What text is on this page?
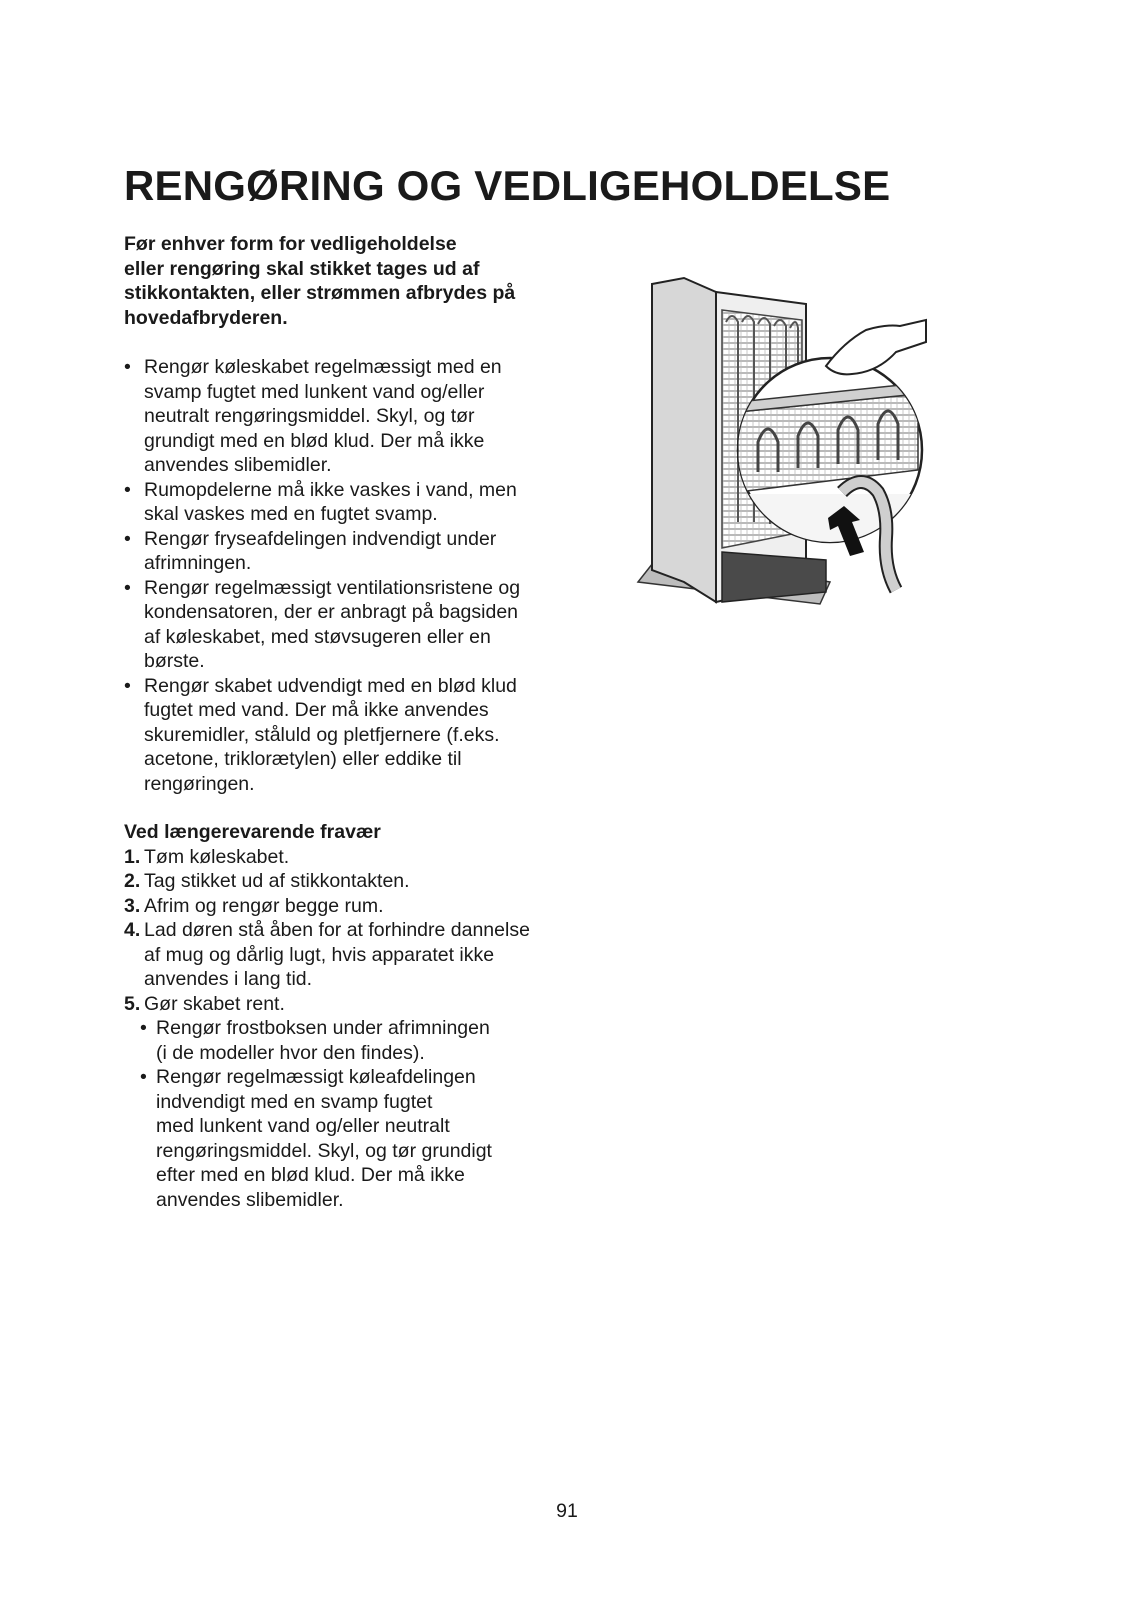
RENGØRING OG VEDLIGEHOLDELSE

Før enhver form for vedligeholdelse
eller rengøring skal stikket tages ud af
stikkontakten, eller strømmen afbrydes på
hovedafbryderen.

• Rengør køleskabet regelmæssigt med en
svamp fugtet med lunkent vand og/eller
neutralt rengøringsmiddel. Skyl, og tør
grundigt med en blød klud. Der må ikke
anvendes slibemidler.
• Rumopdelerne må ikke vaskes i vand, men
skal vaskes med en fugtet svamp.
• Rengør fryseafdelingen indvendigt under
afrimningen.
• Rengør regelmæssigt ventilationsristene og
kondensatoren, der er anbragt på bagsiden
af køleskabet, med støvsugeren eller en
børste.
• Rengør skabet udvendigt med en blød klud
fugtet med vand. Der må ikke anvendes
skuremidler, ståluld og pletfjernere (f.eks.
acetone, triklorætylen) eller eddike til
rengøringen.

Ved længerevarende fravær

1. Tøm køleskabet.
2. Tag stikket ud af stikkontakten.
3. Afrim og rengør begge rum.
4. Lad døren stå åben for at forhindre dannelse
af mug og dårlig lugt, hvis apparatet ikke
anvendes i lang tid.
5. Gør skabet rent.
• Rengør frostboksen under afrimningen
(i de modeller hvor den findes).
• Rengør regelmæssigt køleafdelingen
indvendigt med en svamp fugtet
med lunkent vand og/eller neutralt
rengøringsmiddel. Skyl, og tør grundigt
efter med en blød klud. Der må ikke
anvendes slibemidler.
91
